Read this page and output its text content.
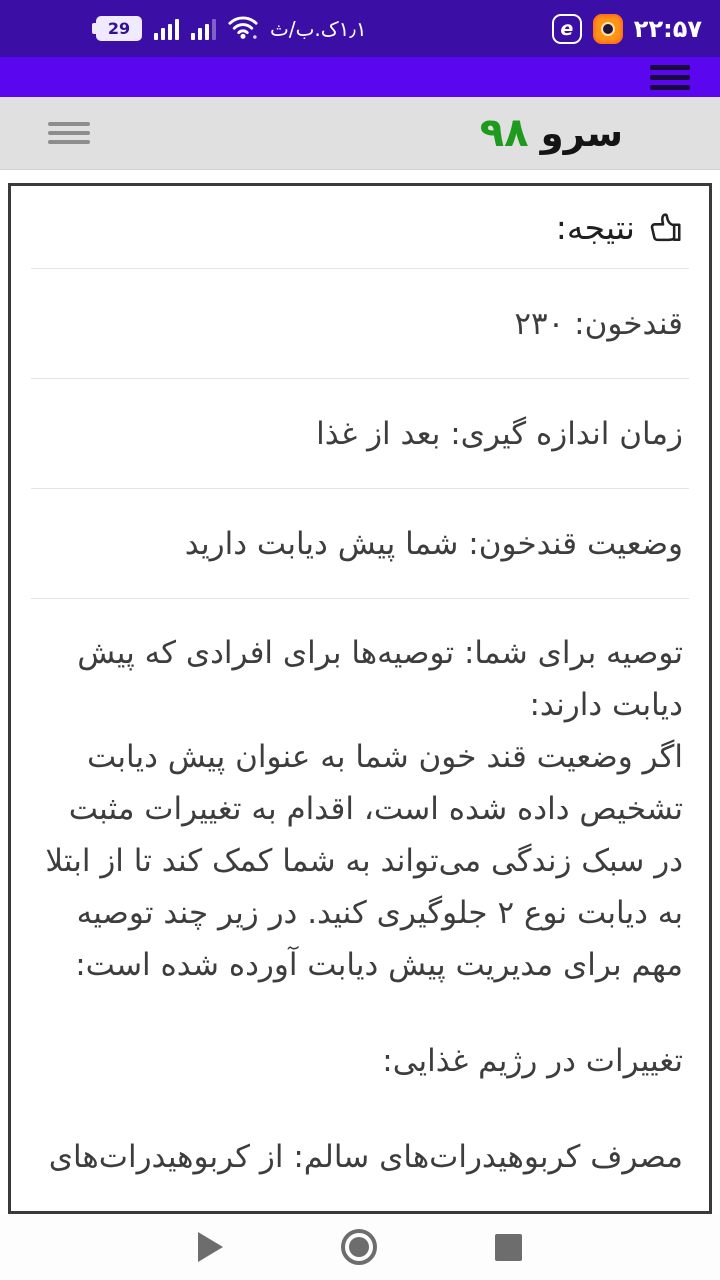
29	۱٫۱ک.ب/ث	e	۲۲:۵۷
سرو
۹۸
نتیجه:
قندخون: ۲۳۰
زمان اندازه گیری: بعد از غذا
وضعیت قندخون: شما پیش دیابت دارید

توصیه برای شما: توصیه‌ها برای افرادی که پیش دیابت دارند:

اگر وضعیت قند خون شما به عنوان پیش دیابت تشخیص داده شده است، اقدام به تغییرات مثبت در سبک زندگی می‌تواند به شما کمک کند تا از ابتلا به دیابت نوع ۲ جلوگیری کنید. در زیر چند توصیه مهم برای مدیریت پیش دیابت آورده شده است:

تغییرات در رژیم غذایی:

مصرف کربوهیدرات‌های سالم: از کربوهیدرات‌های
